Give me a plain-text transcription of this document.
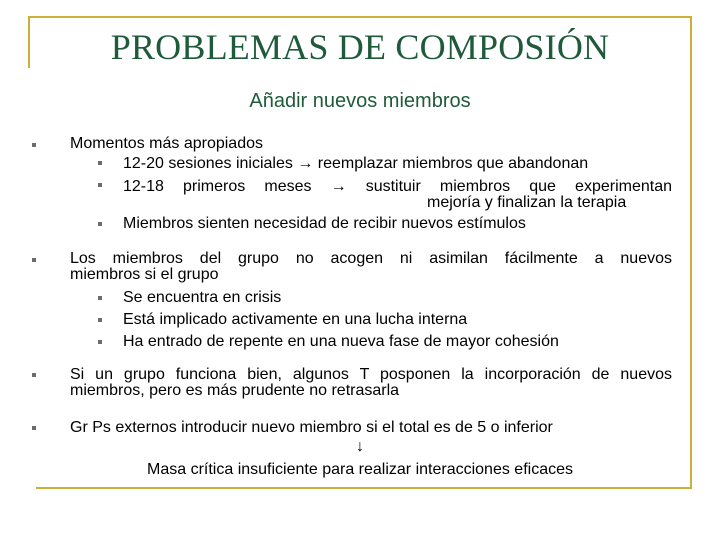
PROBLEMAS DE COMPOSIÓN
Añadir nuevos miembros
Momentos más apropiados
12-20 sesiones iniciales → reemplazar miembros que abandonan
12-18 primeros meses → sustituir miembros que experimentan
mejoría y finalizan la terapia
Miembros sienten necesidad de recibir nuevos estímulos
Los miembros del grupo no acogen ni asimilan fácilmente a nuevos
miembros si el grupo
Se encuentra en crisis
Está implicado activamente en una lucha interna
Ha entrado de repente en una nueva fase de mayor cohesión
Si un grupo funciona bien, algunos T posponen la incorporación de nuevos
miembros, pero es más prudente no retrasarla
Gr Ps externos introducir nuevo miembro si el total es de 5 o inferior
↓
Masa crítica insuficiente para realizar interacciones eficaces
